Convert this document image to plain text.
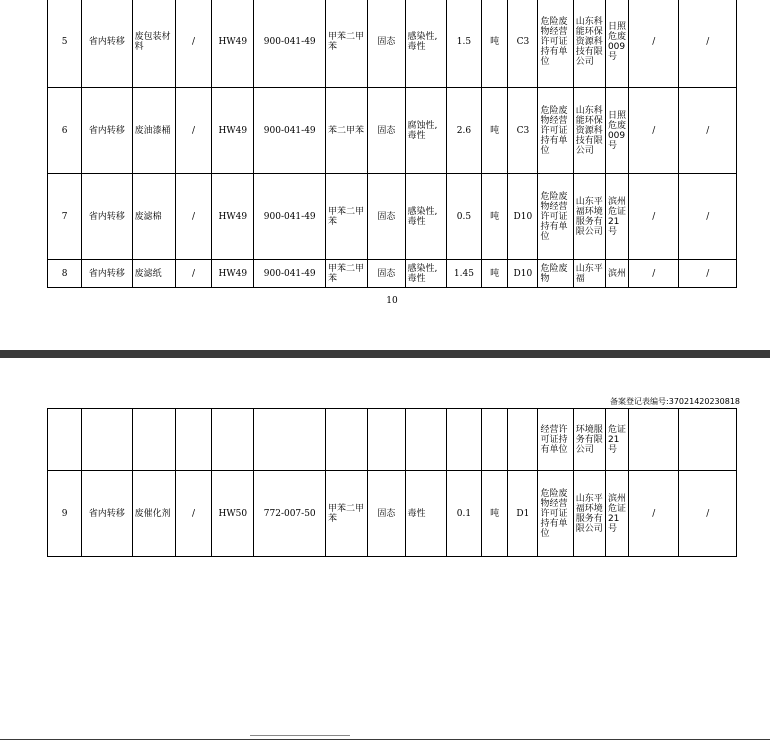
5	省内转移	废包装材料	/	HW49	900-041-49	甲苯二甲苯	固态	感染性,毒性	1.5	吨	C3	危险废物经营许可证持有单位	山东科能环保资源科技有限公司	日照危废009号	/	/
6	省内转移	废油漆桶	/	HW49	900-041-49	苯二甲苯	固态	腐蚀性,毒性	2.6	吨	C3	危险废物经营许可证持有单位	山东科能环保资源科技有限公司	日照危废009号	/	/
7	省内转移	废滤棉	/	HW49	900-041-49	甲苯二甲苯	固态	感染性,毒性	0.5	吨	D10	危险废物经营许可证持有单位	山东平福环境服务有限公司	滨州危证21号	/	/
8	省内转移	废滤纸	/	HW49	900-041-49	甲苯二甲苯	固态	感染性,毒性	1.45	吨	D10	危险废物	山东平福	滨州	/	/
10
备案登记表编号:37021420230818
												经营许可证持有单位	环境服务有限公司	危证21号		
9	省内转移	废催化剂	/	HW50	772-007-50	甲苯二甲苯	固态	毒性	0.1	吨	D1	危险废物经营许可证持有单位	山东平福环境服务有限公司	滨州危证21号	/	/
